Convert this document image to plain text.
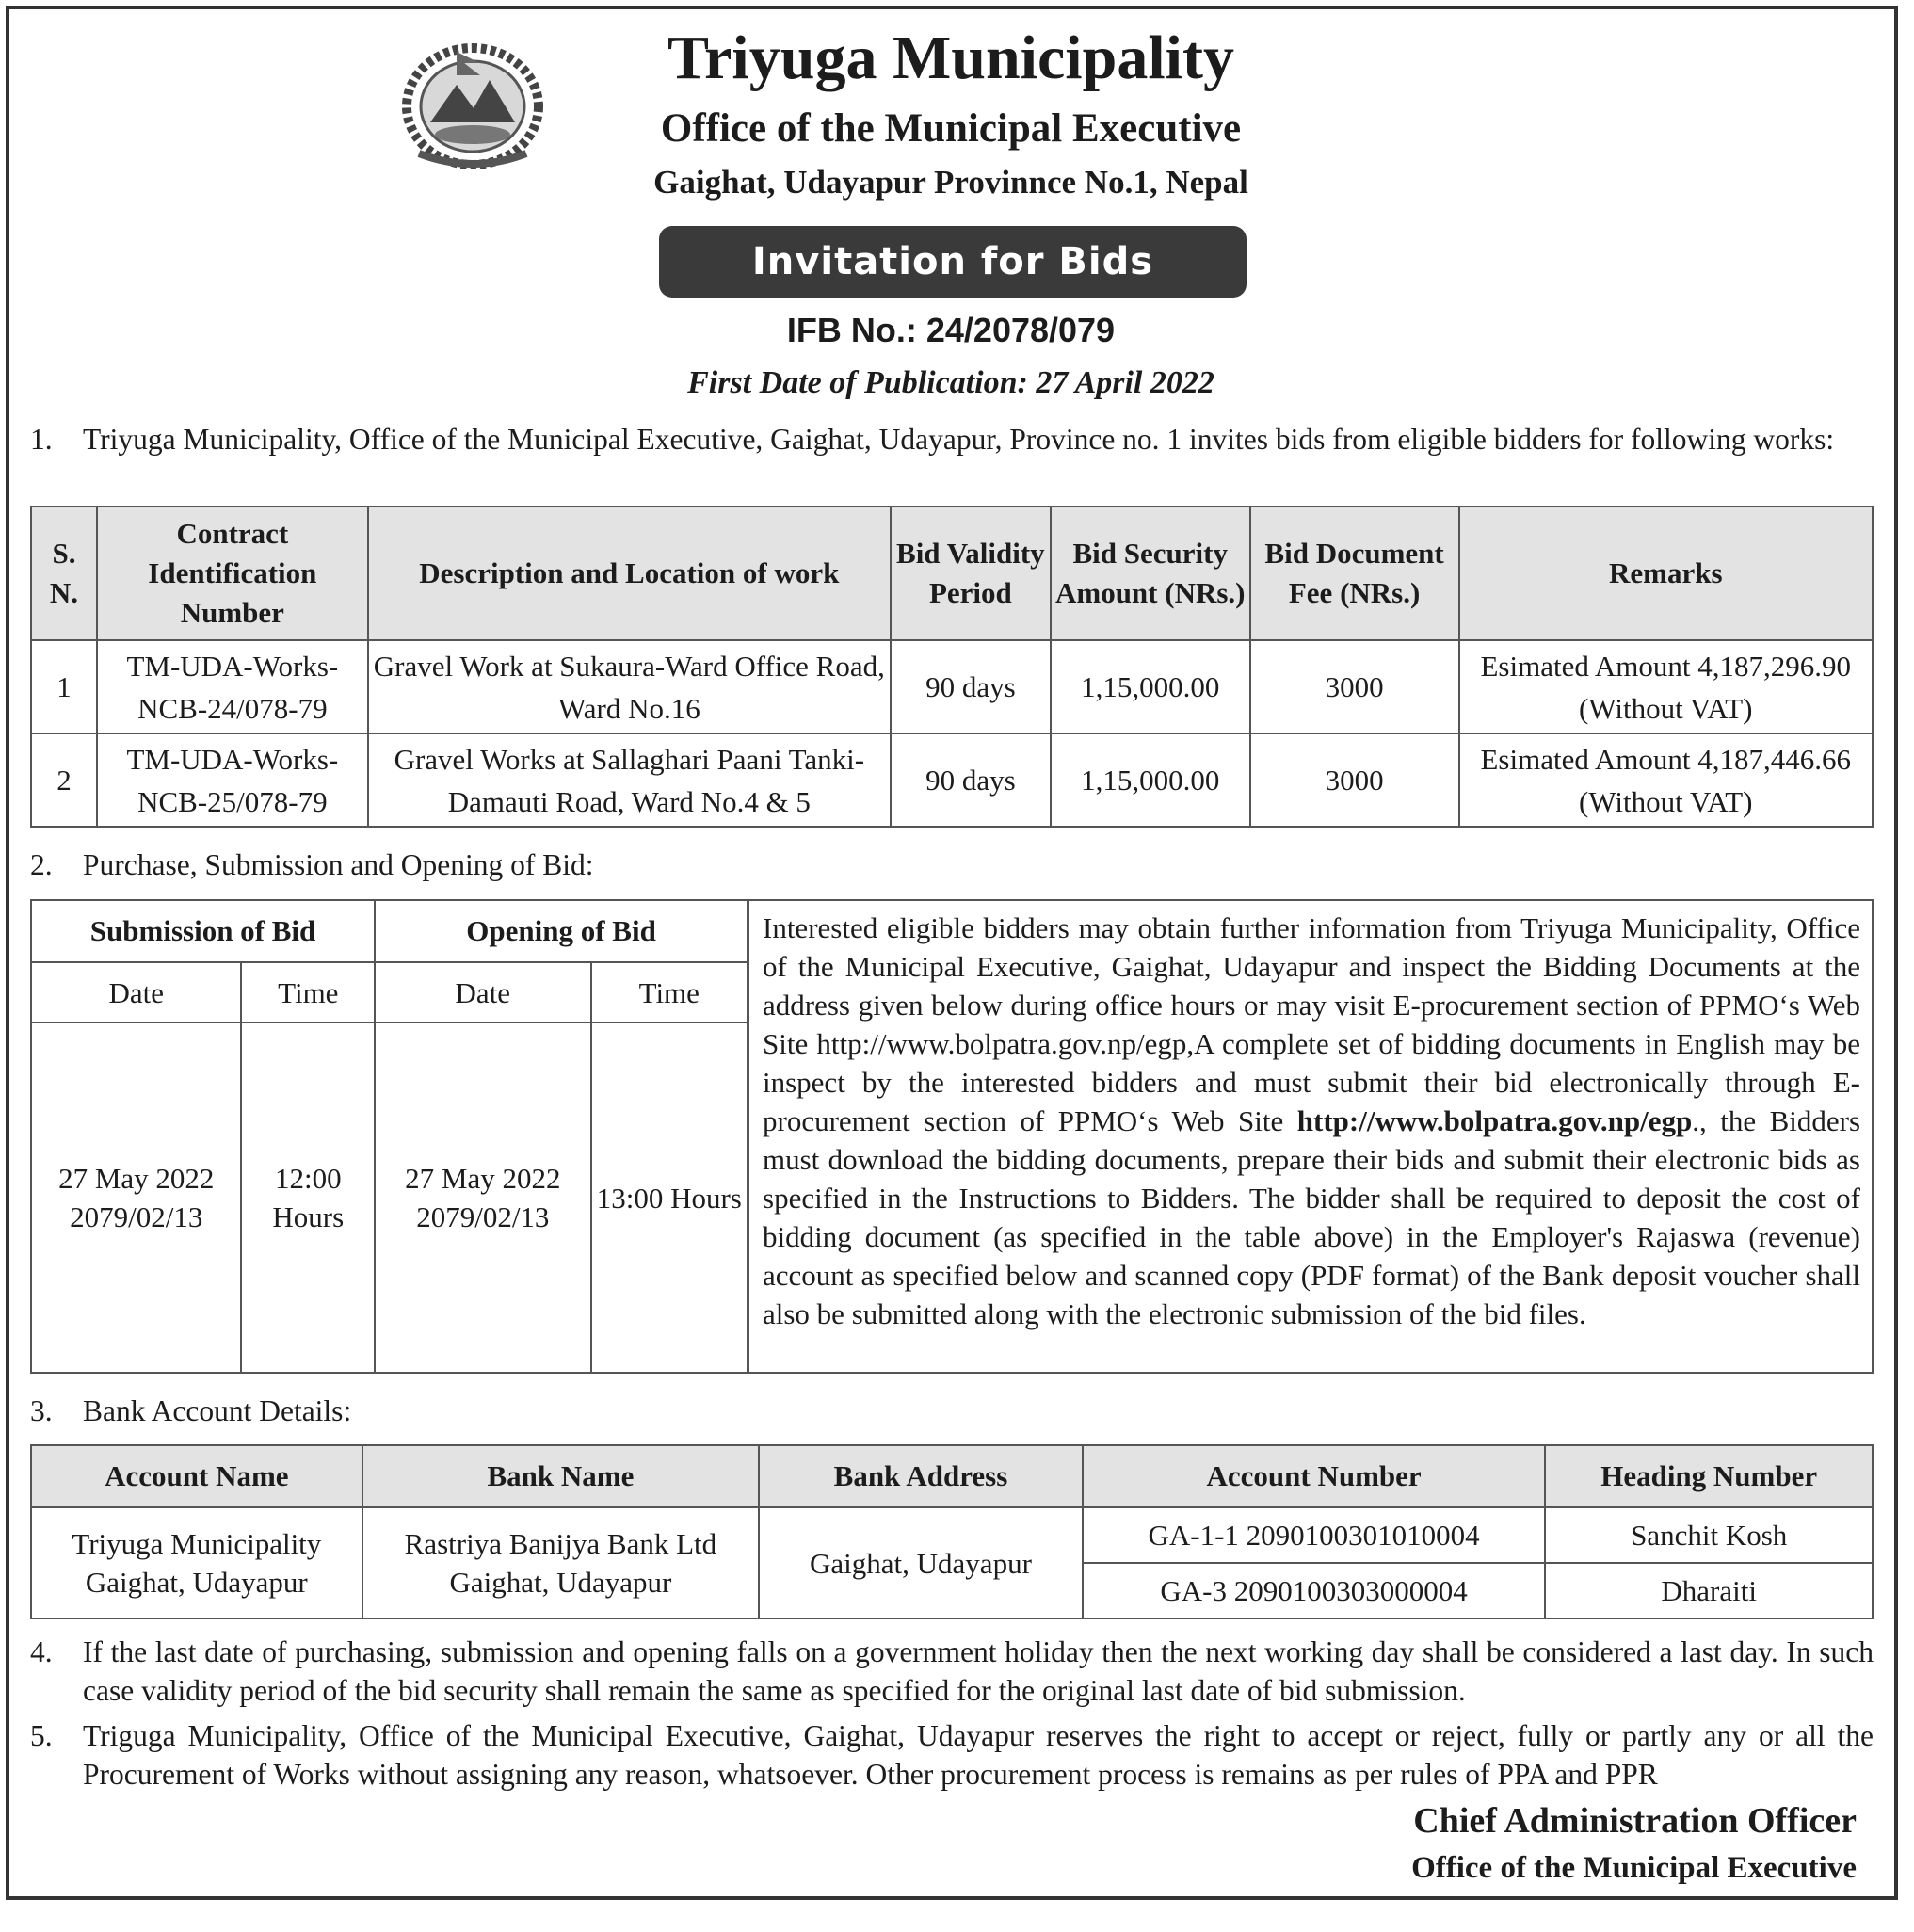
Triyuga Municipality
Office of the Municipal Executive
Gaighat, Udayapur Provinnce No.1, Nepal
Invitation for Bids
IFB No.: 24/2078/079
First Date of Publication: 27 April 2022
1. Triyuga Municipality, Office of the Municipal Executive, Gaighat, Udayapur, Province no. 1 invites bids from eligible bidders for following works:
S. N.	Contract Identification Number	Description and Location of work	Bid Validity Period	Bid Security Amount (NRs.)	Bid Document Fee (NRs.)	Remarks
1	TM-UDA-Works-NCB-24/078-79	Gravel Work at Sukaura-Ward Office Road, Ward No.16	90 days	1,15,000.00	3000	Esimated Amount 4,187,296.90 (Without VAT)
2	TM-UDA-Works-NCB-25/078-79	Gravel Works at Sallaghari Paani Tanki-Damauti Road, Ward No.4 & 5	90 days	1,15,000.00	3000	Esimated Amount 4,187,446.66 (Without VAT)
2. Purchase, Submission and Opening of Bid:
Submission of Bid		Opening of Bid	
Date	Time	Date	Time
27 May 2022 2079/02/13	12:00 Hours	27 May 2022 2079/02/13	13:00 Hours
Interested eligible bidders may obtain further information from Triyuga Municipality, Office of the Municipal Executive, Gaighat, Udayapur and inspect the Bidding Documents at the address given below during office hours or may visit E-procurement section of PPMO‘s Web Site http://www.bolpatra.gov.np/egp,A complete set of bidding documents in English may be inspect by the interested bidders and must submit their bid electronically through E-procurement section of PPMO‘s Web Site http://www.bolpatra.gov.np/egp., the Bidders must download the bidding documents, prepare their bids and submit their electronic bids as specified in the Instructions to Bidders. The bidder shall be required to deposit the cost of bidding document (as specified in the table above) in the Employer's Rajaswa (revenue) account as specified below and scanned copy (PDF format) of the Bank deposit voucher shall also be submitted along with the electronic submission of the bid files.
3. Bank Account Details:
Account Name	Bank Name	Bank Address	Account Number	Heading Number
Triyuga Municipality Gaighat, Udayapur	Rastriya Banijya Bank Ltd Gaighat, Udayapur	Gaighat, Udayapur	GA-1-1 2090100301010004	Sanchit Kosh
			GA-3 2090100303000004	Dharaiti
4. If the last date of purchasing, submission and opening falls on a government holiday then the next working day shall be considered a last day. In such case validity period of the bid security shall remain the same as specified for the original last date of bid submission.
5. Triguga Municipality, Office of the Municipal Executive, Gaighat, Udayapur reserves the right to accept or reject, fully or partly any or all the Procurement of Works without assigning any reason, whatsoever. Other procurement process is remains as per rules of PPA and PPR
Chief Administration Officer
Office of the Municipal Executive
